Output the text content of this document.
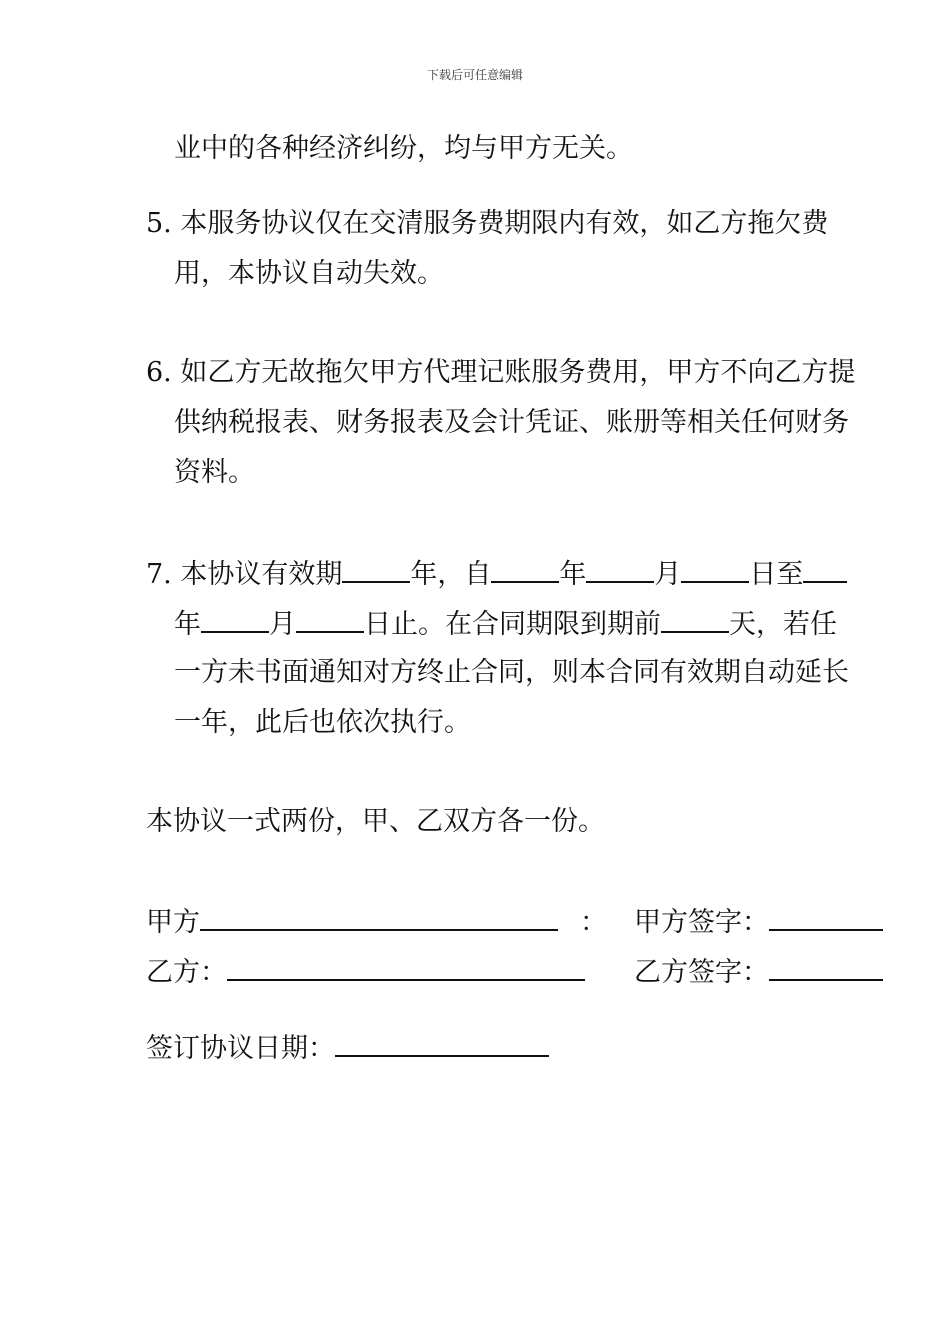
下载后可任意编辑
业中的各种经济纠纷，均与甲方无关。
5. 本服务协议仅在交清服务费期限内有效，如乙方拖欠费
用，本协议自动失效。
6. 如乙方无故拖欠甲方代理记账服务费用，甲方不向乙方提
供纳税报表、财务报表及会计凭证、账册等相关任何财务
资料。
7. 本协议有效期	年，自	年	月	日至
年	月	日止。在合同期限到期前	天，若任
一方未书面通知对方终止合同，则本合同有效期自动延长
一年，此后也依次执行。
本协议一式两份，甲、乙双方各一份。
甲方	： 甲方签字：
乙方：	乙方签字：
签订协议日期：
